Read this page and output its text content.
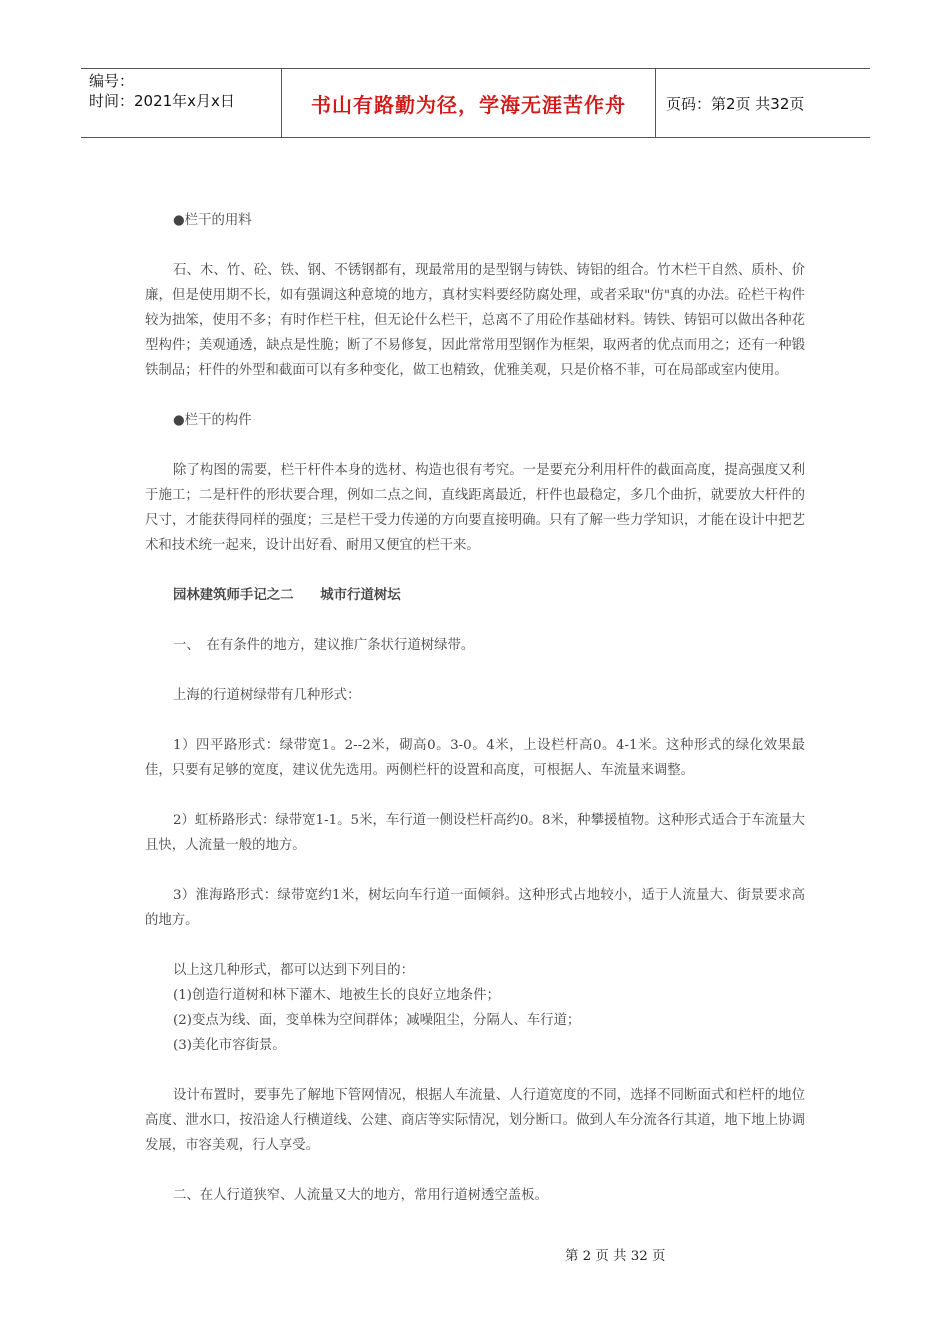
编号：
时间：2021年x月x日	书山有路勤为径，学海无涯苦作舟	页码：第2页 共32页

●栏干的用料

石、木、竹、砼、铁、钢、不锈钢都有，现最常用的是型钢与铸铁、铸铝的组合。竹木栏干自然、质朴、价廉，但是使用期不长，如有强调这种意境的地方，真材实料要经防腐处理，或者采取"仿"真的办法。砼栏干构件较为拙笨，使用不多；有时作栏干柱，但无论什么栏干，总离不了用砼作基础材料。铸铁、铸铝可以做出各种花型构件；美观通透，缺点是性脆；断了不易修复，因此常常用型钢作为框架，取两者的优点而用之；还有一种锻铁制品；杆件的外型和截面可以有多种变化，做工也精致，优雅美观，只是价格不菲，可在局部或室内使用。

●栏干的构件

除了构图的需要，栏干杆件本身的选材、构造也很有考究。一是要充分利用杆件的截面高度，提高强度又利于施工；二是杆件的形状要合理，例如二点之间，直线距离最近，杆件也最稳定，多几个曲折，就要放大杆件的尺寸，才能获得同样的强度；三是栏干受力传递的方向要直接明确。只有了解一些力学知识，才能在设计中把艺术和技术统一起来，设计出好看、耐用又便宜的栏干来。

园林建筑师手记之二　　城市行道树坛

一、　在有条件的地方，建议推广条状行道树绿带。

上海的行道树绿带有几种形式：

1）四平路形式：绿带宽1。2--2米，砌高0。3-0。4米，上设栏杆高0。4-1米。这种形式的绿化效果最佳，只要有足够的宽度，建议优先选用。两侧栏杆的设置和高度，可根据人、车流量来调整。

2）虹桥路形式：绿带宽1-1。5米，车行道一侧设栏杆高约0。8米，种攀援植物。这种形式适合于车流量大且快，人流量一般的地方。

3）淮海路形式：绿带宽约1米，树坛向车行道一面倾斜。这种形式占地较小，适于人流量大、街景要求高的地方。

以上这几种形式，都可以达到下列目的：

(1)创造行道树和林下灌木、地被生长的良好立地条件；

(2)变点为线、面，变单株为空间群体；减噪阻尘，分隔人、车行道；

(3)美化市容街景。

设计布置时，要事先了解地下管网情况，根据人车流量、人行道宽度的不同，选择不同断面式和栏杆的地位高度、泄水口，按沿途人行横道线、公建、商店等实际情况，划分断口。做到人车分流各行其道，地下地上协调发展，市容美观，行人享受。

二、在人行道狭窄、人流量又大的地方，常用行道树透空盖板。

第 2 页 共 32 页
